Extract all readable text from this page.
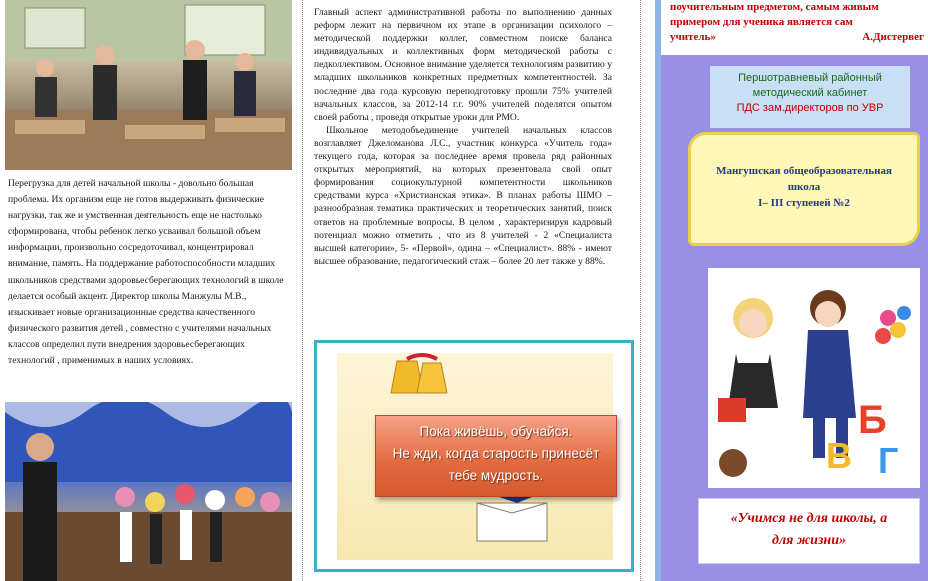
Перегрузка для детей начальной школы - довольно большая проблема. Их организм еще не готов выдерживать физические нагрузки, так же и умственная деятельность еще не настолько сформирована, чтобы ребенок легко усваивал большой объем информации, произвольно сосредоточивал, концентрировал внимание, память. На поддержание работоспособности младших школьников средствами здоровьесберегающих технологий в школе делается особый акцент. Директор школы Манжулы М.В., изыскивает новые организационные средства качественного физического развития детей , совместно с учителями начальных классов определил пути внедрения здоровьесберегающих технологий , применимых в наших условиях.

Главный аспект административной работы по выполнению данных реформ лежит на первичном их этапе в организации психолого – методической поддержки коллег, совместном поиске баланса индивидуальных и коллективных форм методической работы с педколлективом. Основное внимание уделяется технологиям развитию у младших школьников конкретных предметных компетентностей. За последние два года курсовую переподготовку прошли 75% учителей начальных классов, за 2012-14 г.г. 90% учителей поделятся опытом своей работы , проведя открытые уроки для РМО.

Школьное методобъединение учителей начальных классов возглавляет Джеломанова Л.С., участник конкурса «Учитель года» текущего года, которая за последнее время провела ряд районных открытых мероприятий, на которых презентовала свой опыт формирования социокультурной компетентности школьников средствами курса «Христианская этика». В планах работы ШМО – разнообразная тематика практических и теоретических занятий, поиск ответов на проблемные вопросы. В целом , характеризируя кадровый потенциал можно отметить , что из 8 учителей - 2 «Специалиста высшей категории», 5- «Первой», одина – «Специалист». 88% - имеют высшее образование, педагогический стаж – более 20 лет также у 88%.

Пока живёшь, обучайся.
Не жди, когда старость принесёт
тебе мудрость.
поучительным предметом, самым живым
примером для ученика является сам
учитель»	А.Дистервег
Першотравневый районный
методический кабинет
ПДС зам.директоров по УВР
Мангушская общеобразовательная
школа
I– III ступеней №2
Б
В Г
«Учимся не для школы, а
для жизни»
